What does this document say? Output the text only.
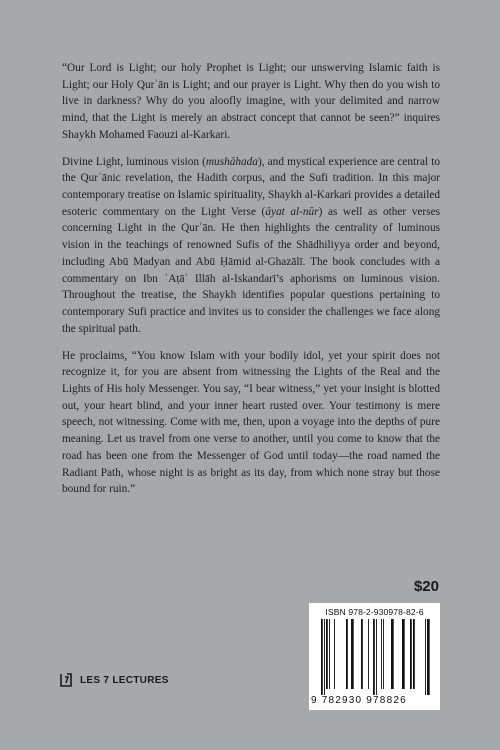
“Our Lord is Light; our holy Prophet is Light; our unswerving Islamic faith is Light; our Holy Qurʾān is Light; and our prayer is Light. Why then do you wish to live in darkness? Why do you aloofly imagine, with your delimited and narrow mind, that the Light is merely an abstract concept that cannot be seen?” inquires Shaykh Mohamed Faouzi al-Karkari.

Divine Light, luminous vision (mushāhada), and mystical experience are central to the Qurʾānic revelation, the Hadith corpus, and the Sufi tradition. In this major contemporary treatise on Islamic spirituality, Shaykh al-Karkari provides a detailed esoteric commentary on the Light Verse (āyat al-nūr) as well as other verses concerning Light in the Qurʾān. He then highlights the centrality of luminous vision in the teachings of renowned Sufis of the Shādhiliyya order and beyond, including Abū Madyan and Abū Ḥāmid al-Ghazālī. The book concludes with a commentary on Ibn ʿAṭāʾ Illāh al-Iskandarī’s aphorisms on luminous vision. Throughout the treatise, the Shaykh identifies popular questions pertaining to contemporary Sufi practice and invites us to consider the challenges we face along the spiritual path.

He proclaims, “You know Islam with your bodily idol, yet your spirit does not recognize it, for you are absent from witnessing the Lights of the Real and the Lights of His holy Messenger. You say, “I bear witness,” yet your insight is blotted out, your heart blind, and your inner heart rusted over. Your testimony is mere speech, not witnessing. Come with me, then, upon a voyage into the depths of pure meaning. Let us travel from one verse to another, until you come to know that the road has been one from the Messenger of God until today—the road named the Radiant Path, whose night is as bright as its day, from which none stray but those bound for ruin.”

$20
ISBN 978-2-930978-82-6
9 782930 978826
LES 7 LECTURES
